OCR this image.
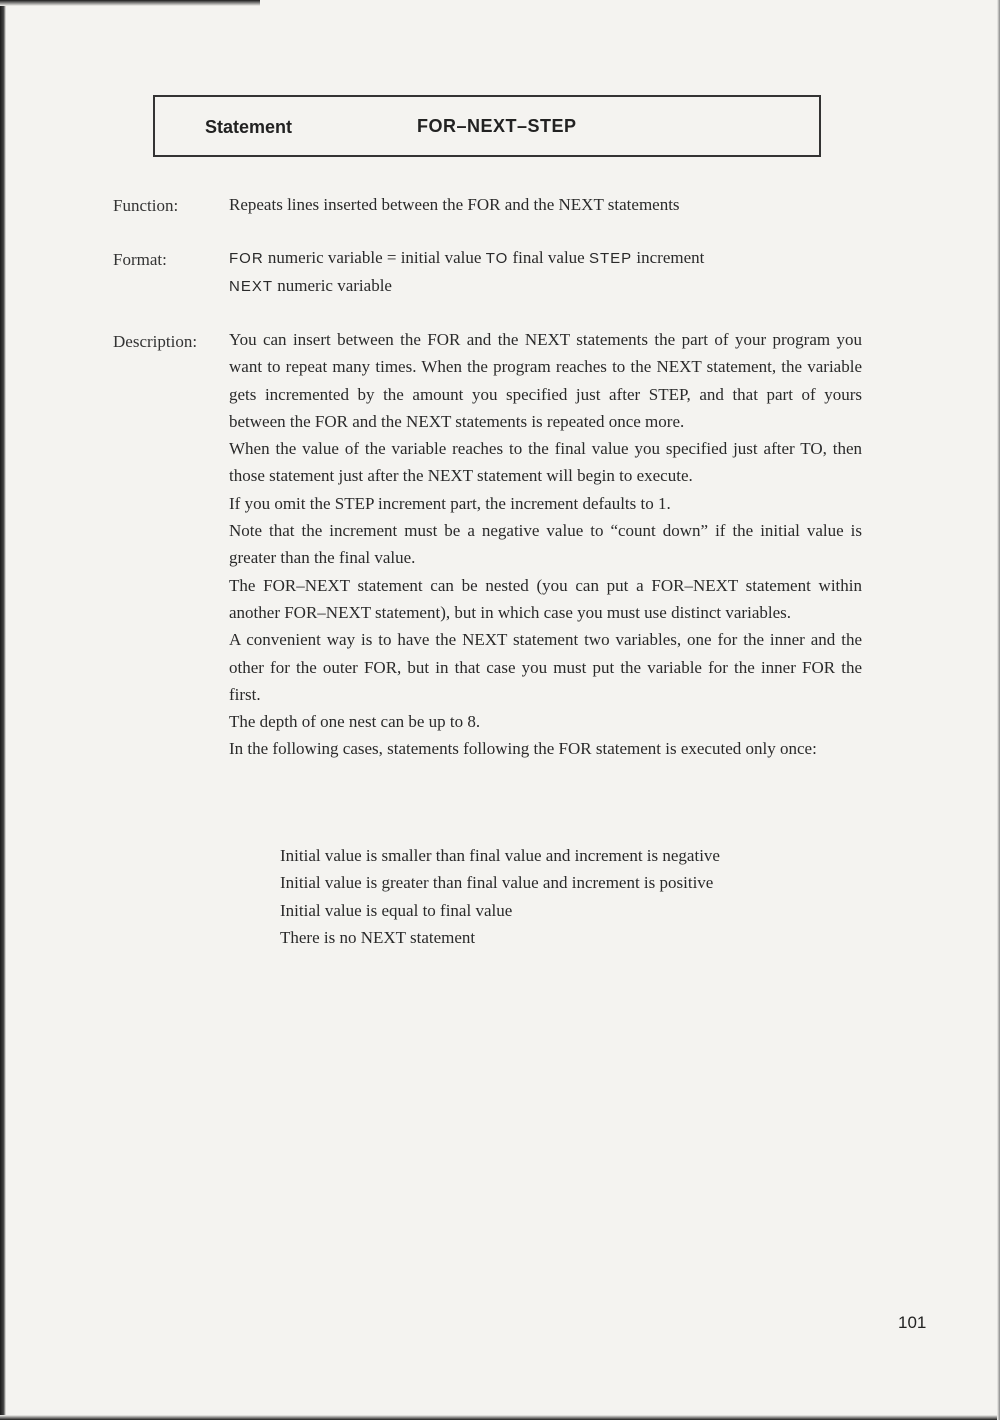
Statement	FOR–NEXT–STEP
Function:	Repeats lines inserted between the FOR and the NEXT statements
Format:	FOR numeric variable = initial value TO final value STEP increment
NEXT numeric variable
Description: You can insert between the FOR and the NEXT statements the part of your program you want to repeat many times. When the program reaches to the NEXT statement, the variable gets incremented by the amount you specified just after STEP, and that part of yours between the FOR and the NEXT statements is repeated once more.

When the value of the variable reaches to the final value you specified just after TO, then those statement just after the NEXT statement will begin to execute.

If you omit the STEP increment part, the increment defaults to 1.

Note that the increment must be a negative value to “count down” if the initial value is greater than the final value.

The FOR–NEXT statement can be nested (you can put a FOR–NEXT statement within another FOR–NEXT statement), but in which case you must use distinct variables.

A convenient way is to have the NEXT statement two variables, one for the inner and the other for the outer FOR, but in that case you must put the variable for the inner FOR the first.

The depth of one nest can be up to 8.

In the following cases, statements following the FOR statement is executed only once:

Initial value is smaller than final value and increment is negative
Initial value is greater than final value and increment is positive
Initial value is equal to final value
There is no NEXT statement
101
